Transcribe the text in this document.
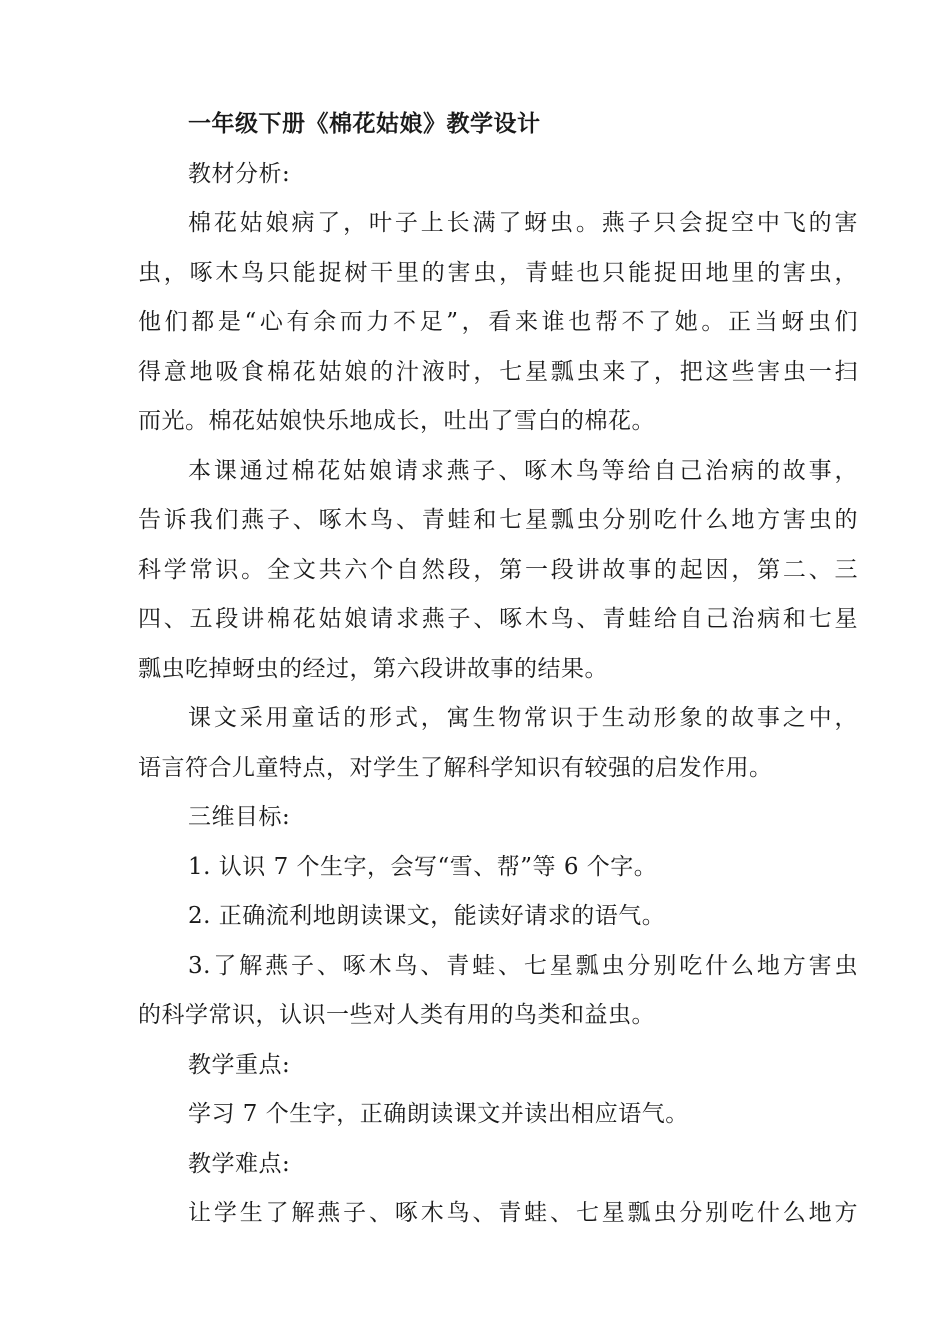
一年级下册《棉花姑娘》教学设计
教材分析:
棉花姑娘病了，叶子上长满了蚜虫。燕子只会捉空中飞的害
虫，啄木鸟只能捉树干里的害虫，青蛙也只能捉田地里的害虫，
他们都是“心有余而力不足”，看来谁也帮不了她。正当蚜虫们
得意地吸食棉花姑娘的汁液时，七星瓢虫来了，把这些害虫一扫
而光。棉花姑娘快乐地成长，吐出了雪白的棉花。
本课通过棉花姑娘请求燕子、啄木鸟等给自己治病的故事，
告诉我们燕子、啄木鸟、青蛙和七星瓢虫分别吃什么地方害虫的
科学常识。全文共六个自然段，第一段讲故事的起因，第二、三
四、五段讲棉花姑娘请求燕子、啄木鸟、青蛙给自己治病和七星
瓢虫吃掉蚜虫的经过，第六段讲故事的结果。
课文采用童话的形式，寓生物常识于生动形象的故事之中，
语言符合儿童特点，对学生了解科学知识有较强的启发作用。
三维目标:
1. 认识 7 个生字，会写“雪、帮”等 6 个字。
2. 正确流利地朗读课文，能读好请求的语气。
3.了解燕子、啄木鸟、青蛙、七星瓢虫分别吃什么地方害虫
的科学常识，认识一些对人类有用的鸟类和益虫。
教学重点:
学习 7 个生字，正确朗读课文并读出相应语气。
教学难点:
让学生了解燕子、啄木鸟、青蛙、七星瓢虫分别吃什么地方
